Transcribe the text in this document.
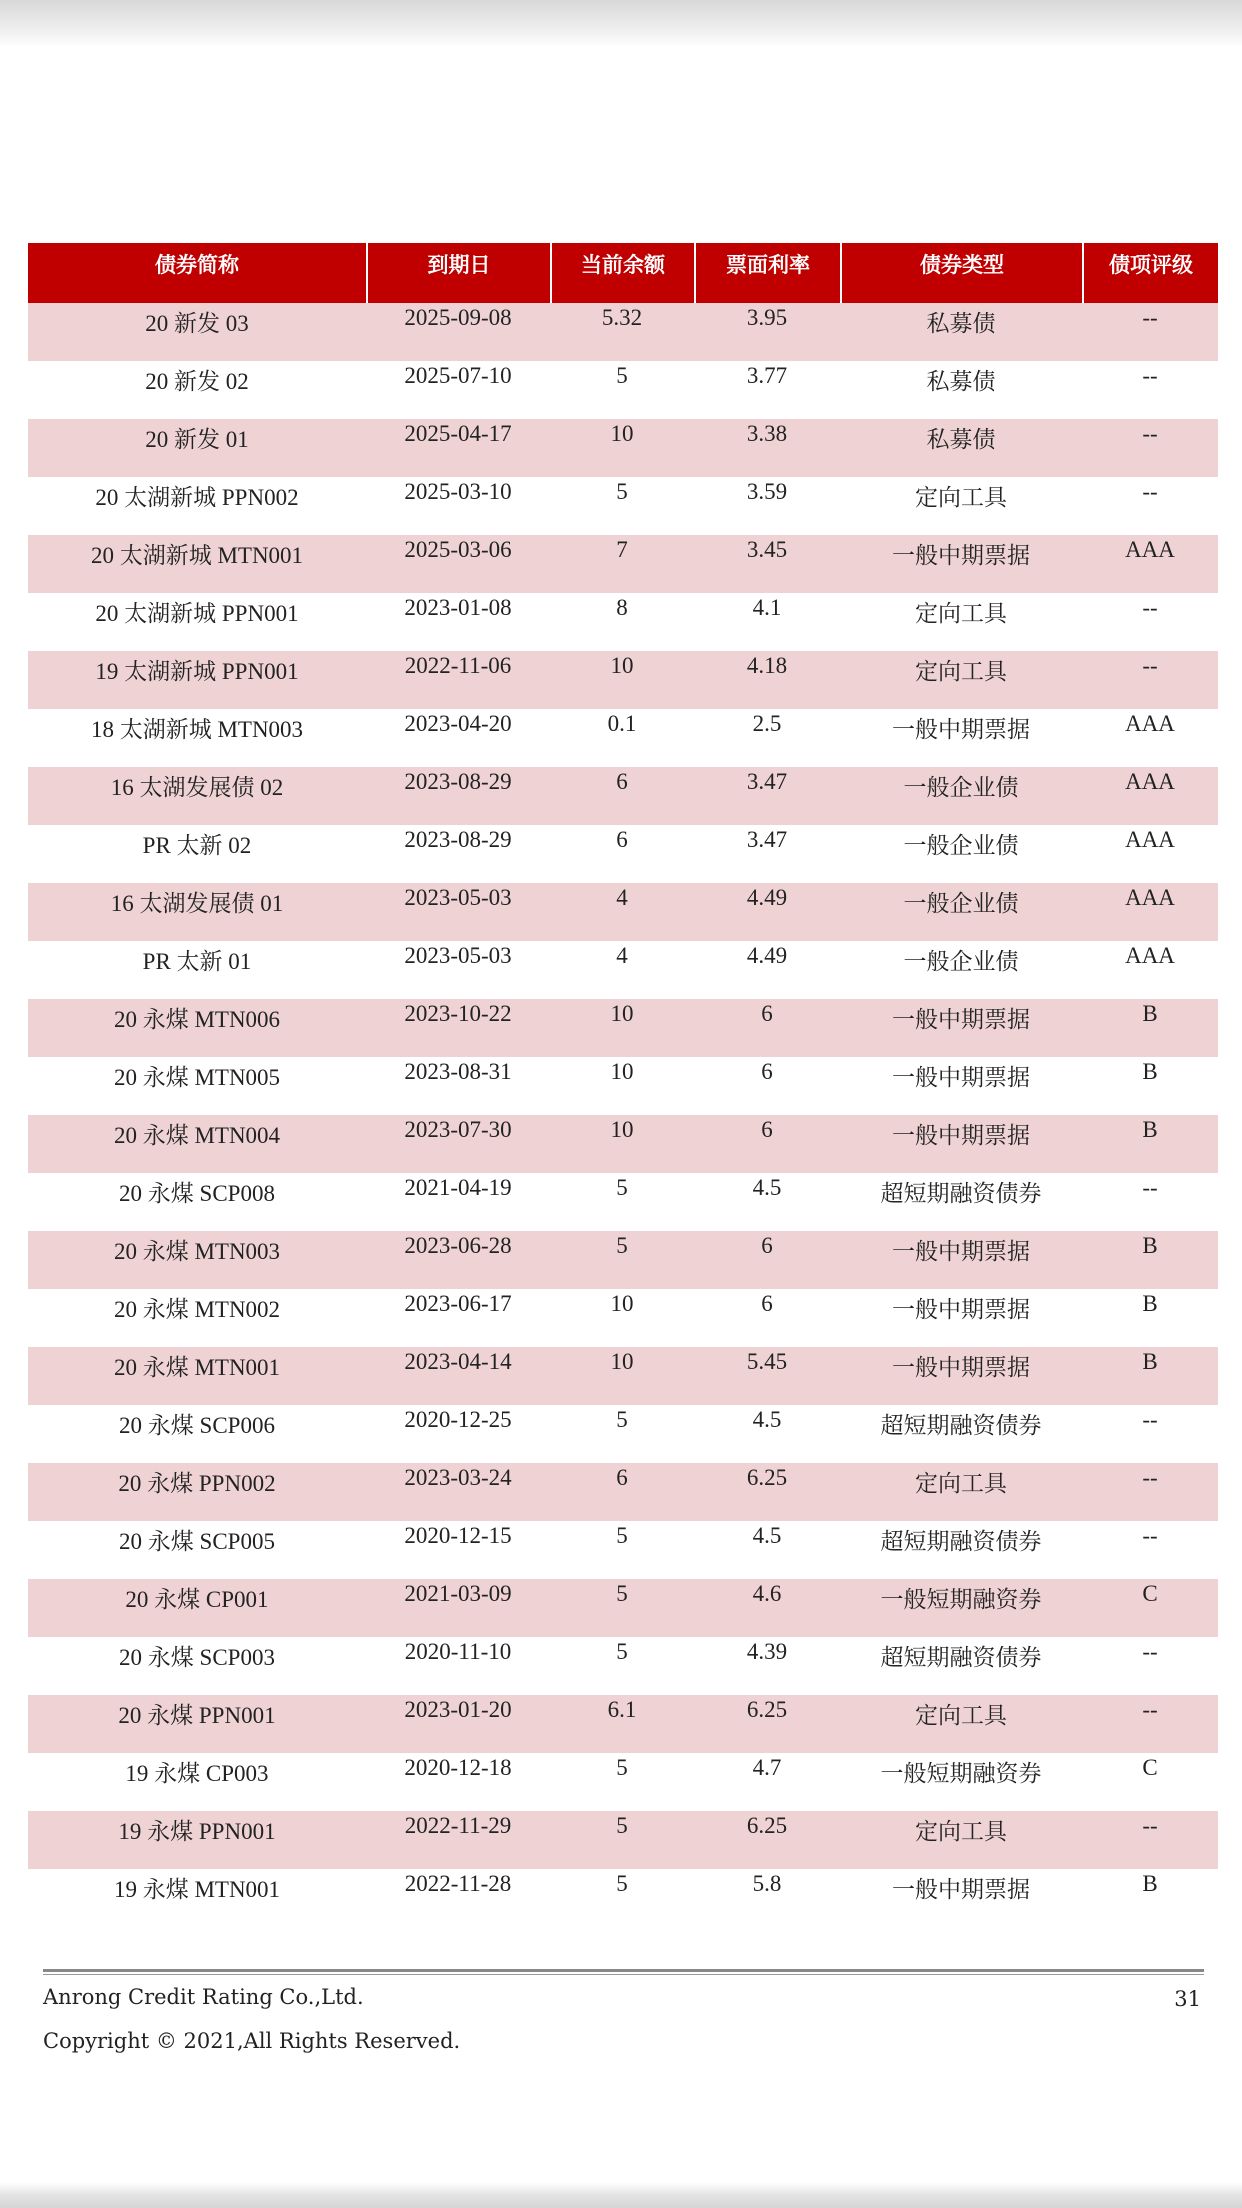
债券简称	到期日	当前余额	票面利率	债券类型	债项评级
20 新发 03	2025-09-08	5.32	3.95	私募债	--
20 新发 02	2025-07-10	5	3.77	私募债	--
20 新发 01	2025-04-17	10	3.38	私募债	--
20 太湖新城 PPN002	2025-03-10	5	3.59	定向工具	--
20 太湖新城 MTN001	2025-03-06	7	3.45	一般中期票据	AAA
20 太湖新城 PPN001	2023-01-08	8	4.1	定向工具	--
19 太湖新城 PPN001	2022-11-06	10	4.18	定向工具	--
18 太湖新城 MTN003	2023-04-20	0.1	2.5	一般中期票据	AAA
16 太湖发展债 02	2023-08-29	6	3.47	一般企业债	AAA
PR 太新 02	2023-08-29	6	3.47	一般企业债	AAA
16 太湖发展债 01	2023-05-03	4	4.49	一般企业债	AAA
PR 太新 01	2023-05-03	4	4.49	一般企业债	AAA
20 永煤 MTN006	2023-10-22	10	6	一般中期票据	B
20 永煤 MTN005	2023-08-31	10	6	一般中期票据	B
20 永煤 MTN004	2023-07-30	10	6	一般中期票据	B
20 永煤 SCP008	2021-04-19	5	4.5	超短期融资债券	--
20 永煤 MTN003	2023-06-28	5	6	一般中期票据	B
20 永煤 MTN002	2023-06-17	10	6	一般中期票据	B
20 永煤 MTN001	2023-04-14	10	5.45	一般中期票据	B
20 永煤 SCP006	2020-12-25	5	4.5	超短期融资债券	--
20 永煤 PPN002	2023-03-24	6	6.25	定向工具	--
20 永煤 SCP005	2020-12-15	5	4.5	超短期融资债券	--
20 永煤 CP001	2021-03-09	5	4.6	一般短期融资券	C
20 永煤 SCP003	2020-11-10	5	4.39	超短期融资债券	--
20 永煤 PPN001	2023-01-20	6.1	6.25	定向工具	--
19 永煤 CP003	2020-12-18	5	4.7	一般短期融资券	C
19 永煤 PPN001	2022-11-29	5	6.25	定向工具	--
19 永煤 MTN001	2022-11-28	5	5.8	一般中期票据	B
Anrong Credit Rating Co.,Ltd.	31
Copyright © 2021,All Rights Reserved.
